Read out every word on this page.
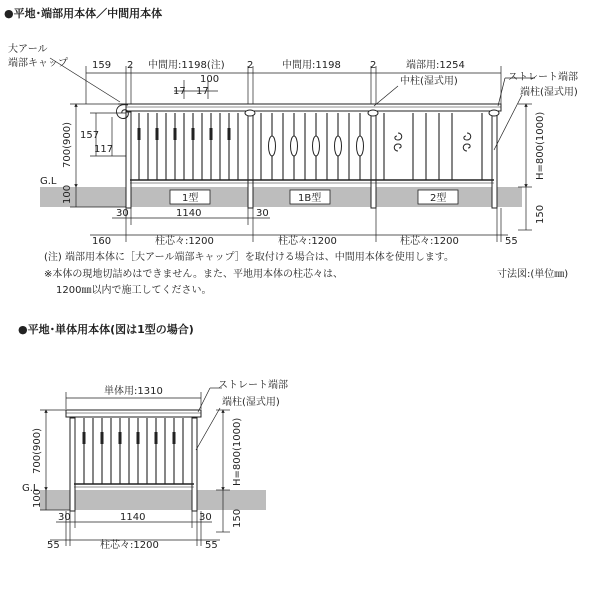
●平地･端部用本体／中間用本体
●平地･単体用本体(図は1型の場合)
(注) 端部用本体に［大アール端部キャップ］を取付ける場合は、中間用本体を使用します。
※本体の現地切詰めはできません。また、平地用本体の柱芯々は、
1200㎜以内で施工してください。
寸法図:(単位㎜)
大アール
端部キャップ 159 2 中間用:1198(注) 2	中間用:1198	2	端部用:1254
100
17 17
中柱(湿式用)	ストレート端部
端柱(湿式用)
157
117
700(900)	H=800(1000)
G.L
100
150
1型	1B型	2型
30	1140	30
160	柱芯々:1200	柱芯々:1200	柱芯々:1200	55
単体用:1310
ストレート端部
端柱(湿式用)
700(900)	H=800(1000)
G.L
100
150
30	1140	30
55	柱芯々:1200	55
